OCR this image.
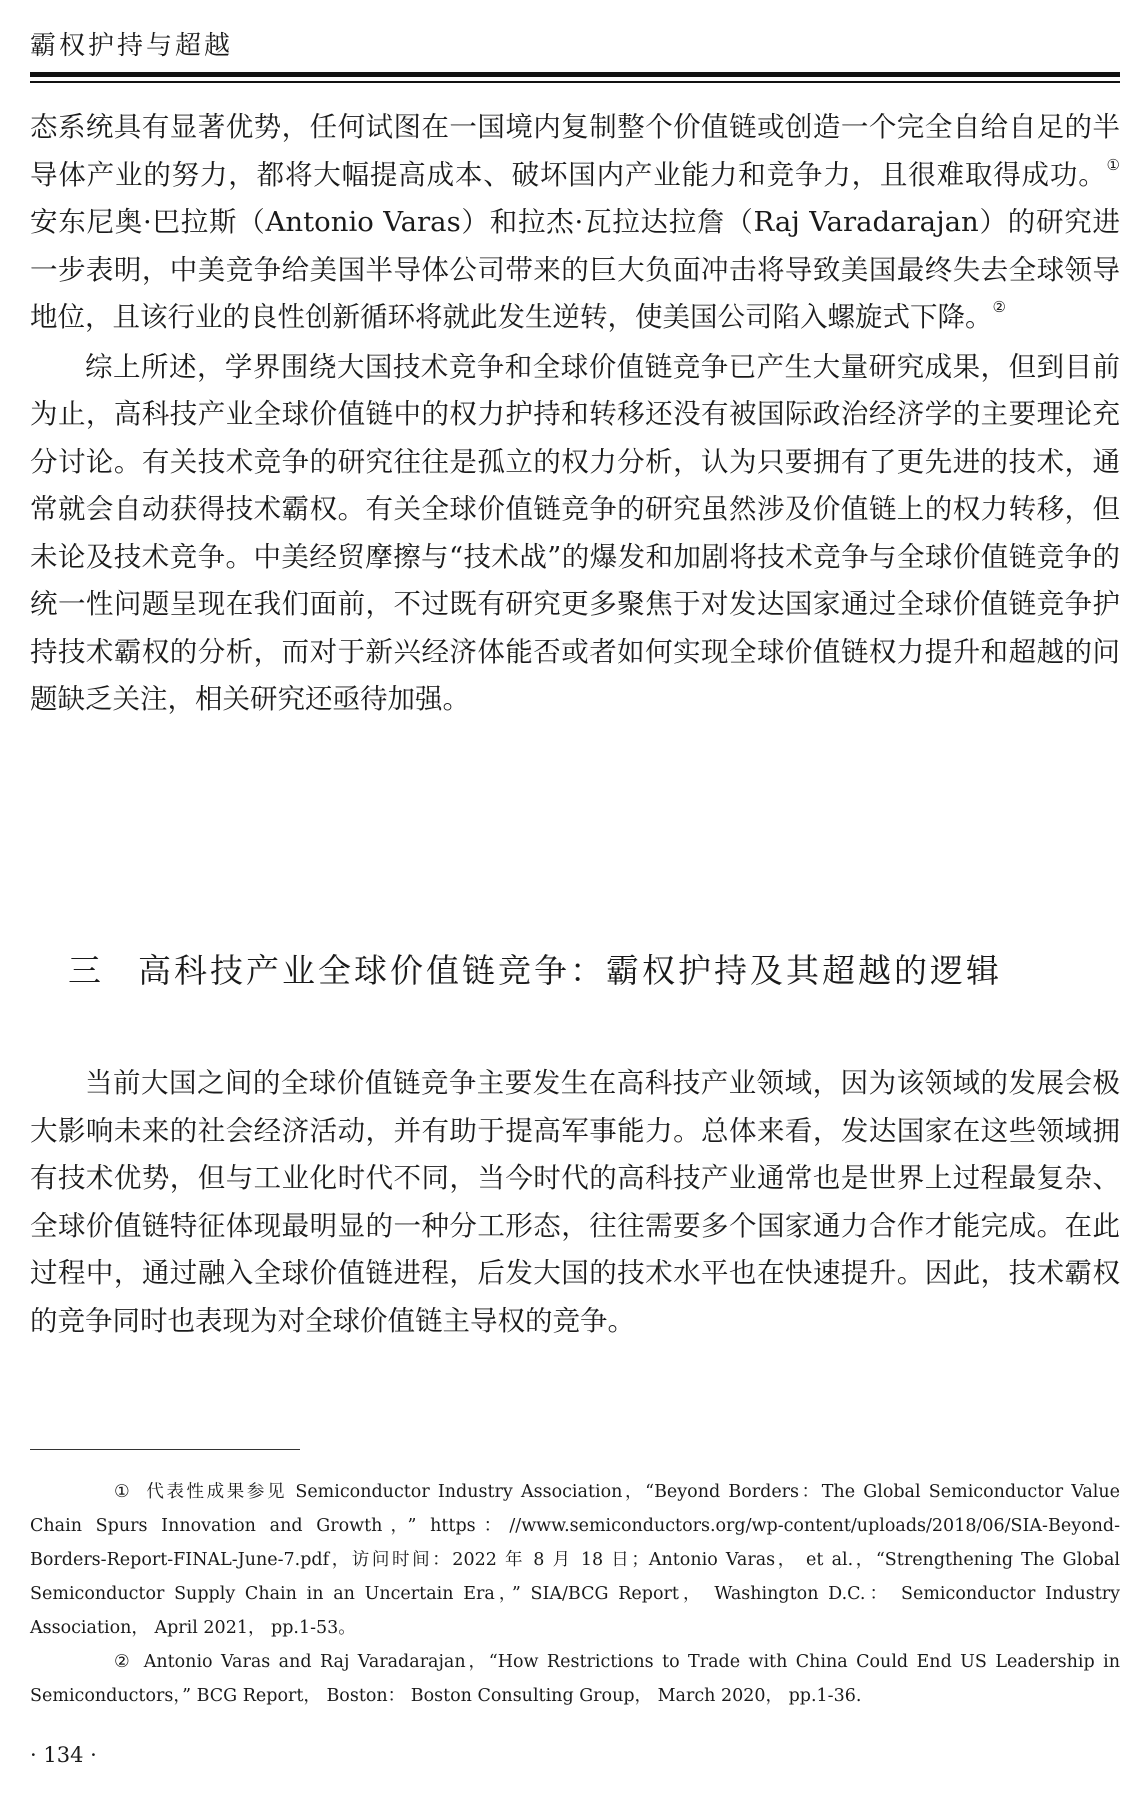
霸权护持与超越

态系统具有显著优势，任何试图在一国境内复制整个价值链或创造一个完全自给自足的半导体产业的努力，都将大幅提高成本、破坏国内产业能力和竞争力，且很难取得成功。① 安东尼奥·巴拉斯（Antonio Varas）和拉杰·瓦拉达拉詹（Raj Varadarajan）的研究进一步表明，中美竞争给美国半导体公司带来的巨大负面冲击将导致美国最终失去全球领导地位，且该行业的良性创新循环将就此发生逆转，使美国公司陷入螺旋式下降。②

综上所述，学界围绕大国技术竞争和全球价值链竞争已产生大量研究成果，但到目前为止，高科技产业全球价值链中的权力护持和转移还没有被国际政治经济学的主要理论充分讨论。有关技术竞争的研究往往是孤立的权力分析，认为只要拥有了更先进的技术，通常就会自动获得技术霸权。有关全球价值链竞争的研究虽然涉及价值链上的权力转移，但未论及技术竞争。中美经贸摩擦与“技术战”的爆发和加剧将技术竞争与全球价值链竞争的统一性问题呈现在我们面前，不过既有研究更多聚焦于对发达国家通过全球价值链竞争护持技术霸权的分析，而对于新兴经济体能否或者如何实现全球价值链权力提升和超越的问题缺乏关注，相关研究还亟待加强。

三 高科技产业全球价值链竞争：霸权护持及其超越的逻辑

当前大国之间的全球价值链竞争主要发生在高科技产业领域，因为该领域的发展会极大影响未来的社会经济活动，并有助于提高军事能力。总体来看，发达国家在这些领域拥有技术优势，但与工业化时代不同，当今时代的高科技产业通常也是世界上过程最复杂、全球价值链特征体现最明显的一种分工形态，往往需要多个国家通力合作才能完成。在此过程中，通过融入全球价值链进程，后发大国的技术水平也在快速提升。因此，技术霸权的竞争同时也表现为对全球价值链主导权的竞争。

① 代表性成果参见 Semiconductor Industry Association，“Beyond Borders：The Global Semiconductor Value Chain Spurs Innovation and Growth，” https：//www.semiconductors.org/wp-content/uploads/2018/06/SIA-Beyond-Borders-Report-FINAL-June-7.pdf，访问时间：2022 年 8 月 18 日；Antonio Varas， et al.，“Strengthening The Global Semiconductor Supply Chain in an Uncertain Era，” SIA/BCG Report， Washington D.C.： Semiconductor Industry Association， April 2021， pp.1-53。

② Antonio Varas and Raj Varadarajan，“How Restrictions to Trade with China Could End US Leadership in Semiconductors，” BCG Report， Boston： Boston Consulting Group， March 2020， pp.1-36.

· 134 ·
